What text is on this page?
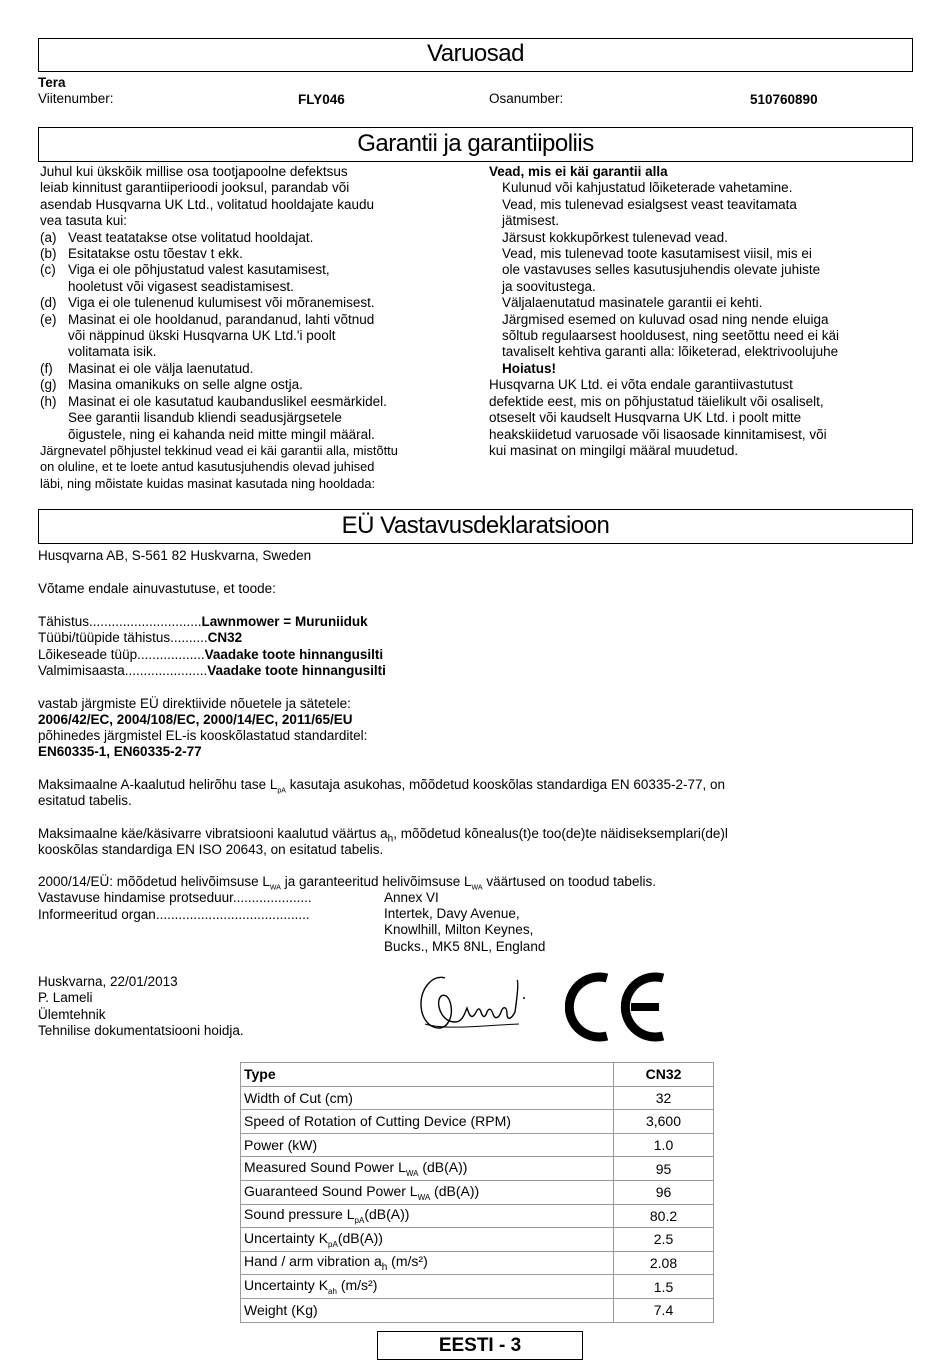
Varuosad
Tera
Viitenumber:	FLY046	Osanumber:	510760890
Garantii ja garantiipoliis
Juhul kui ükskõik millise osa tootjapoolne defektsus
leiab kinnitust garantiiperioodi jooksul, parandab või
asendab Husqvarna UK Ltd., volitatud hooldajate kaudu
vea tasuta kui:
(a) Veast teatatakse otse volitatud hooldajat.
(b) Esitatakse ostu tõestav t ekk.
(c) Viga ei ole põhjustatud valest kasutamisest,
hooletust või vigasest seadistamisest.
(d) Viga ei ole tulenenud kulumisest või mõranemisest.
(e) Masinat ei ole hooldanud, parandanud, lahti võtnud
või näppinud ükski Husqvarna UK Ltd.'i poolt
volitamata isik.
(f) Masinat ei ole välja laenutatud.
(g) Masina omanikuks on selle algne ostja.
(h) Masinat ei ole kasutatud kaubanduslikel eesmärkidel.
See garantii lisandub kliendi seadusjärgsetele
õigustele, ning ei kahanda neid mitte mingil määral.
Järgnevatel põhjustel tekkinud vead ei käi garantii alla, mistõttu
on oluline, et te loete antud kasutusjuhendis olevad juhised
läbi, ning mõistate kuidas masinat kasutada ning hooldada:
Vead, mis ei käi garantii alla
Kulunud või kahjustatud lõiketerade vahetamine.
Vead, mis tulenevad esialgsest veast teavitamata
jätmisest.
Järsust kokkupõrkest tulenevad vead.
Vead, mis tulenevad toote kasutamisest viisil, mis ei
ole vastavuses selles kasutusjuhendis olevate juhiste
ja soovitustega.
Väljalaenutatud masinatele garantii ei kehti.
Järgmised esemed on kuluvad osad ning nende eluiga
sõltub regulaarsest hooldusest, ning seetõttu need ei käi
tavaliselt kehtiva garanti alla: lõiketerad, elektrivoolujuhe
Hoiatus!
Husqvarna UK Ltd. ei võta endale garantiivastutust
defektide eest, mis on põhjustatud täielikult või osaliselt,
otseselt või kaudselt Husqvarna UK Ltd. i poolt mitte
heakskiidetud varuosade või lisaosade kinnitamisest, või
kui masinat on mingilgi määral muudetud.
EÜ Vastavusdeklaratsioon
Husqvarna AB, S-561 82 Huskvarna, Sweden
Võtame endale ainuvastutuse, et toode:
Tähistus..............................Lawnmower = Muruniiduk
Tüübi/tüüpide tähistus..........CN32
Lõikeseade tüüp..................Vaadake toote hinnangusilti
Valmimisaasta......................Vaadake toote hinnangusilti
vastab järgmiste EÜ direktiivide nõuetele ja sätetele:
2006/42/EC, 2004/108/EC, 2000/14/EC, 2011/65/EU
põhinedes järgmistel EL-is kooskõlastatud standarditel:
EN60335-1, EN60335-2-77
Maksimaalne A-kaalutud helirõhu tase $L_{pA}$ kasutaja asukohas, mõõdetud kooskõlas standardiga EN 60335-2-77, on
esitatud tabelis.
Maksimaalne käe/käsivarre vibratsiooni kaalutud väärtus $a_h$, mõõdetud kõnealus(t)e too(de)te näidiseksemplari(de)l
kooskõlas standardiga EN ISO 20643, on esitatud tabelis.
2000/14/EÜ: mõõdetud helivõimsuse $L_{WA}$ ja garanteeritud helivõimsuse $L_{WA}$ väärtused on toodud tabelis.
Vastavuse hindamise protseduur.....................	Annex VI
Informeeritud organ.........................................	Intertek, Davy Avenue,
Knowlhill, Milton Keynes,
Bucks., MK5 8NL, England
Huskvarna, 22/01/2013
P. Lameli
Ülemtehnik
Tehnilise dokumentatsiooni hoidja.
Type	CN32
Width of Cut (cm)	32
Speed of Rotation of Cutting Device (RPM)	3,600
Power (kW)	1.0
Measured Sound Power $L_{WA}$ (dB(A))	95
Guaranteed Sound Power $L_{WA}$ (dB(A))	96
Sound pressure $L_{pA}(dB(A))$	80.2
Uncertainty $K_{pA}(dB(A))$	2.5
Hand / arm vibration $a_h$ (m/s²)	2.08
Uncertainty $K_{ah}$ (m/s²)	1.5
Weight (Kg)	7.4
EESTI - 3
